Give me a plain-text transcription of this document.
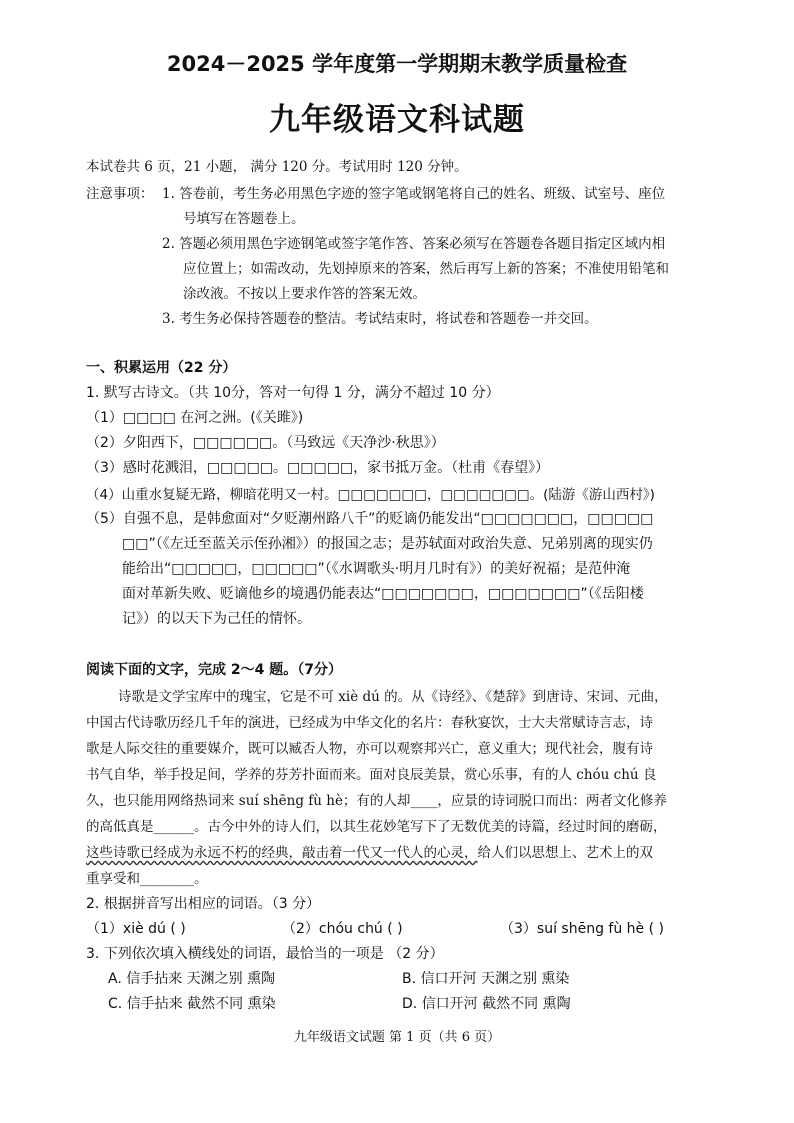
2024－2025 学年度第一学期期末教学质量检查
九年级语文科试题
本试卷共 6 页，21 小题， 满分 120 分。考试用时 120 分钟。
注意事项： 1. 答卷前，考生务必用黑色字迹的签字笔或钢笔将自己的姓名、班级、试室号、座位
号填写在答题卷上。
2. 答题必须用黑色字迹钢笔或签字笔作答、答案必须写在答题卷各题目指定区域内相
应位置上；如需改动，先划掉原来的答案，然后再写上新的答案；不准使用铅笔和
涂改液。不按以上要求作答的答案无效。
3. 考生务必保持答题卷的整洁。考试结束时，将试卷和答题卷一并交回。
一、积累运用（22 分）
1. 默写古诗文。（共 10分，答对一句得 1 分，满分不超过 10 分）
（1）□□□□ 在河之洲。(《关雎》)
（2）夕阳西下，□□□□□□。（马致远《天净沙·秋思》）
（3）感时花溅泪，□□□□□。□□□□□，家书抵万金。（杜甫《春望》）
（4）山重水复疑无路，柳暗花明又一村。□□□□□□□，□□□□□□□。(陆游《游山西村》)
（5）自强不息，是韩愈面对“夕贬潮州路八千”的贬谪仍能发出“□□□□□□□，□□□□□
□□”（《左迁至蓝关示侄孙湘》）的报国之志；是苏轼面对政治失意、兄弟别离的现实仍
能给出“□□□□□，□□□□□”（《水调歌头·明月几时有》）的美好祝福；是范仲淹
面对革新失败、贬谪他乡的境遇仍能表达“□□□□□□□，□□□□□□□”（《岳阳楼
记》）的以天下为己任的情怀。
阅读下面的文字，完成 2～4 题。（7分）
诗歌是文学宝库中的瑰宝，它是不可 xiè dú 的。从《诗经》、《楚辞》到唐诗、宋词、元曲，
中国古代诗歌历经几千年的演进，已经成为中华文化的名片：春秋宴饮，士大夫常赋诗言志，诗
歌是人际交往的重要媒介，既可以臧否人物，亦可以观察邦兴亡，意义重大；现代社会，腹有诗
书气自华，举手投足间，学养的芬芳扑面而来。面对良辰美景，赏心乐事，有的人 chóu chú 良
久，也只能用网络热词来 suí shēng fù hè；有的人却____，应景的诗词脱口而出：两者文化修养
的高低真是______。古今中外的诗人们，以其生花妙笔写下了无数优美的诗篇，经过时间的磨砺，
这些诗歌已经成为永远不朽的经典，敲击着一代又一代人的心灵，给人们以思想上、艺术上的双
重享受和________。
2. 根据拼音写出相应的词语。（3 分）
（1）xiè dú ( )	（2）chóu chú ( )	（3）suí shēng fù hè ( )
3. 下列依次填入横线处的词语，最恰当的一项是 （2 分）
A. 信手拈来 天渊之别 熏陶	B. 信口开河 天渊之别 熏染
C. 信手拈来 截然不同 熏染	D. 信口开河 截然不同 熏陶
九年级语文试题 第 1 页（共 6 页）
